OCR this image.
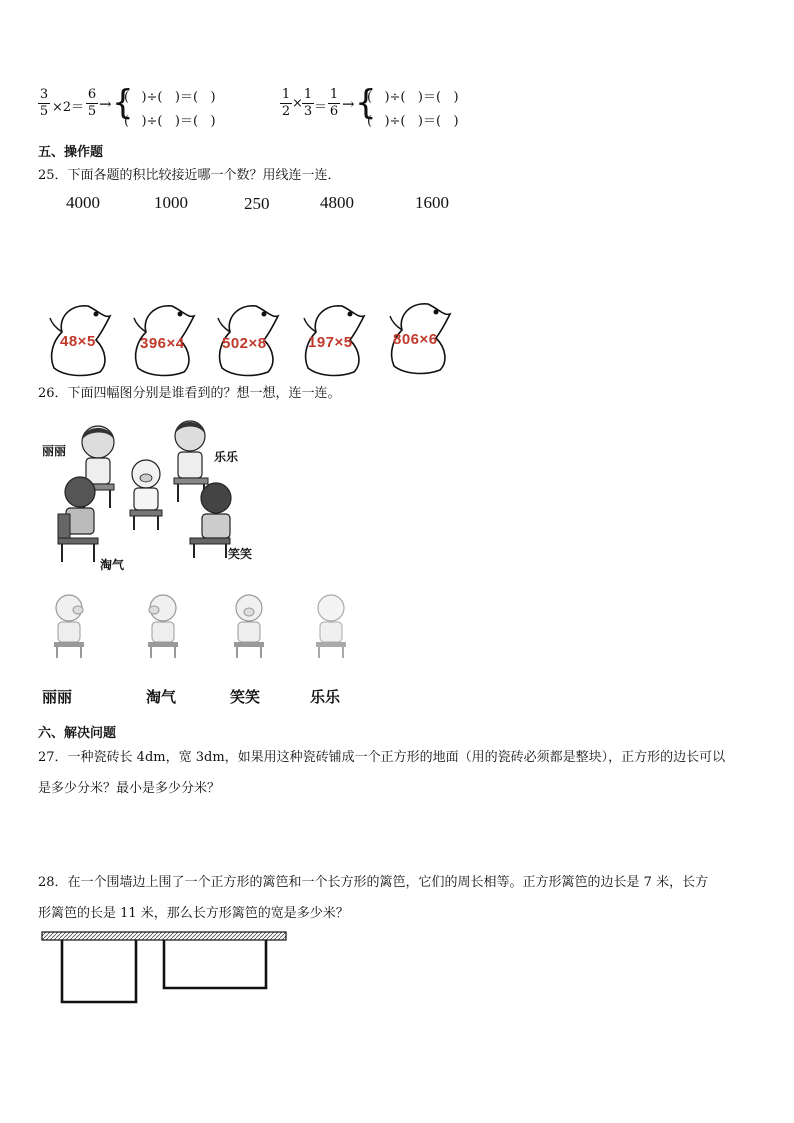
3
5 ×2＝
6
5 → {
(   )÷(   )＝(   )
(   )÷(   )＝(   )
1
2
×
1
3 ＝
1
6 → {
(   )÷(   )＝(   )
(   )÷(   )＝(   )
五、操作题
25．下面各题的积比较接近哪一个数？用线连一连．
4000	1000	250	4800	1600
48×5	396×4 502×8	197×5	806×6
26．下面四幅图分别是谁看到的？想一想，连一连。
丽丽	乐乐
淘气
笑笑
丽丽	淘气	笑笑	乐乐
六、解决问题
27．一种瓷砖长 4dm，宽 3dm，如果用这种瓷砖铺成一个正方形的地面（用的瓷砖必须都是整块），正方形的边长可以
是多少分米？最小是多少分米？
28．在一个围墙边上围了一个正方形的篱笆和一个长方形的篱笆，它们的周长相等。正方形篱笆的边长是 7 米，长方
形篱笆的长是 11 米，那么长方形篱笆的宽是多少米？
